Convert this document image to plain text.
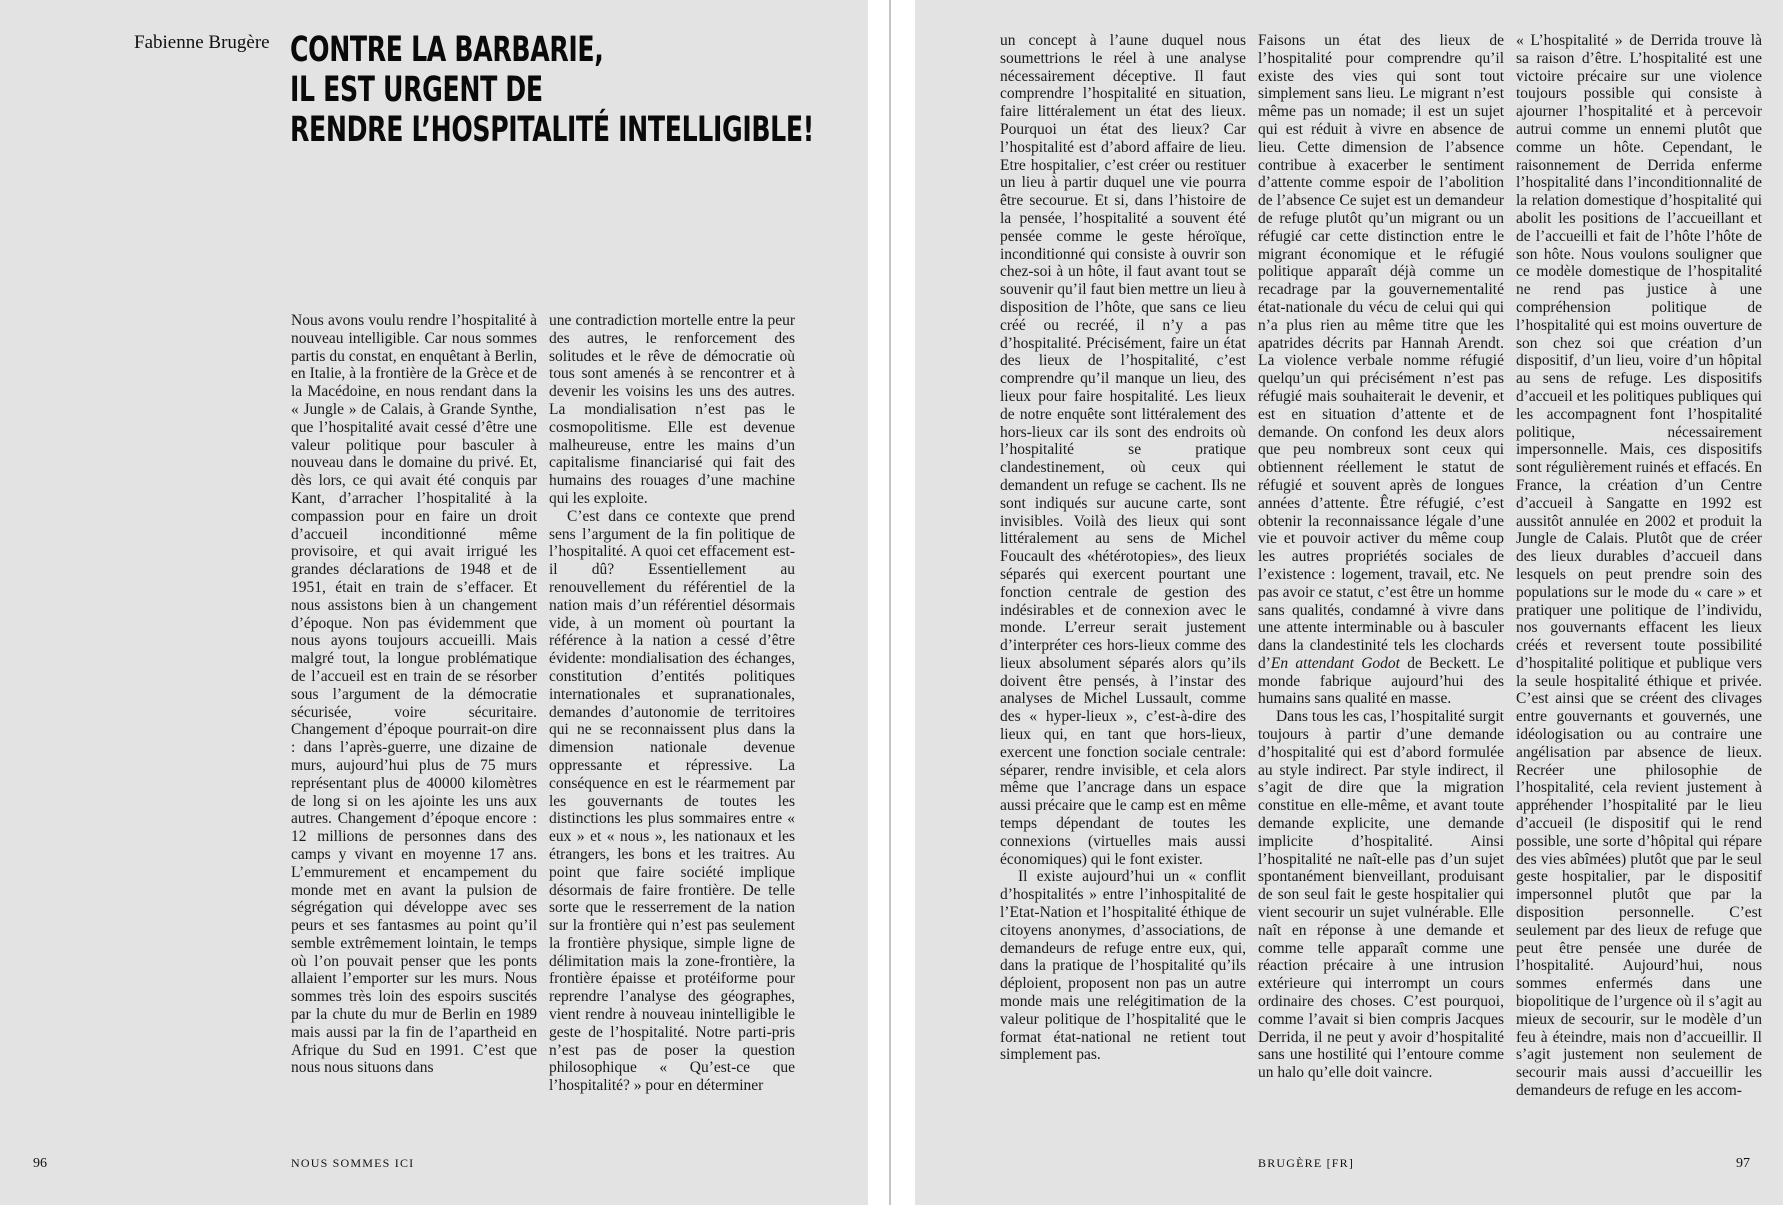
Fabienne Brugère CONTRE LA BARBARIE,
IL EST URGENT DE
RENDRE L’HOSPITALITÉ INTELLIGIBLE!

Nous avons voulu rendre l’hospitalité à nouveau intelligible. Car nous sommes partis du constat, en enquêtant à Berlin, en Italie, à la frontière de la Grèce et de la Macédoine, en nous rendant dans la « Jungle » de Calais, à Grande Synthe, que l’hospitalité avait cessé d’être une valeur politique pour basculer à nouveau dans le domaine du privé. Et, dès lors, ce qui avait été conquis par Kant, d’arracher l’hospitalité à la compassion pour en faire un droit d’accueil inconditionné même provisoire, et qui avait irrigué les grandes déclarations de 1948 et de 1951, était en train de s’effacer. Et nous assistons bien à un changement d’époque. Non pas évidemment que nous ayons toujours accueilli. Mais malgré tout, la longue problématique de l’accueil est en train de se résorber sous l’argument de la démocratie sécurisée, voire sécuritaire. Changement d’époque pourrait-on dire : dans l’après-guerre, une dizaine de murs, aujourd’hui plus de 75 murs représentant plus de 40000 kilomètres de long si on les ajointe les uns aux autres. Changement d’époque encore : 12 millions de personnes dans des camps y vivant en moyenne 17 ans. L’emmurement et encampement du monde met en avant la pulsion de ségrégation qui développe avec ses peurs et ses fantasmes au point qu’il semble extrêmement lointain, le temps où l’on pouvait penser que les ponts allaient l’emporter sur les murs. Nous sommes très loin des espoirs suscités par la chute du mur de Berlin en 1989 mais aussi par la fin de l’apartheid en Afrique du Sud en 1991. C’est que nous nous situons dans

une contradiction mortelle entre la peur des autres, le renforcement des solitudes et le rêve de démocratie où tous sont amenés à se rencontrer et à devenir les voisins les uns des autres. La mondialisation n’est pas le cosmopolitisme. Elle est devenue malheureuse, entre les mains d’un capitalisme financiarisé qui fait des humains des rouages d’une machine qui les exploite.

C’est dans ce contexte que prend sens l’argument de la fin politique de l’hospitalité. A quoi cet effacement est-il dû? Essentiellement au renouvellement du référentiel de la nation mais d’un référentiel désormais vide, à un moment où pourtant la référence à la nation a cessé d’être évidente: mondialisation des échanges, constitution d’entités politiques internationales et supranationales, demandes d’autonomie de territoires qui ne se reconnaissent plus dans la dimension nationale devenue oppressante et répressive. La conséquence en est le réarmement par les gouvernants de toutes les distinctions les plus sommaires entre « eux » et « nous », les nationaux et les étrangers, les bons et les traitres. Au point que faire société implique désormais de faire frontière. De telle sorte que le resserrement de la nation sur la frontière qui n’est pas seulement la frontière physique, simple ligne de délimitation mais la zone-frontière, la frontière épaisse et protéiforme pour reprendre l’analyse des géographes, vient rendre à nouveau inintelligible le geste de l’hospitalité. Notre parti-pris n’est pas de poser la question philosophique « Qu’est-ce que l’hospitalité? » pour en déterminer

96	NOUS SOMMES ICI

un concept à l’aune duquel nous soumettrions le réel à une analyse nécessairement déceptive. Il faut comprendre l’hospitalité en situation, faire littéralement un état des lieux. Pourquoi un état des lieux? Car l’hospitalité est d’abord affaire de lieu. Etre hospitalier, c’est créer ou restituer un lieu à partir duquel une vie pourra être secourue. Et si, dans l’histoire de la pensée, l’hospitalité a souvent été pensée comme le geste héroïque, inconditionné qui consiste à ouvrir son chez-soi à un hôte, il faut avant tout se souvenir qu’il faut bien mettre un lieu à disposition de l’hôte, que sans ce lieu créé ou recréé, il n’y a pas d’hospitalité. Précisément, faire un état des lieux de l’hospitalité, c’est comprendre qu’il manque un lieu, des lieux pour faire hospitalité. Les lieux de notre enquête sont littéralement des hors-lieux car ils sont des endroits où l’hospitalité se pratique clandestinement, où ceux qui demandent un refuge se cachent. Ils ne sont indiqués sur aucune carte, sont invisibles. Voilà des lieux qui sont littéralement au sens de Michel Foucault des «hétérotopies», des lieux séparés qui exercent pourtant une fonction centrale de gestion des indésirables et de connexion avec le monde. L’erreur serait justement d’interpréter ces hors-lieux comme des lieux absolument séparés alors qu’ils doivent être pensés, à l’instar des analyses de Michel Lussault, comme des « hyper-lieux », c’est-à-dire des lieux qui, en tant que hors-lieux, exercent une fonction sociale centrale: séparer, rendre invisible, et cela alors même que l’ancrage dans un espace aussi précaire que le camp est en même temps dépendant de toutes les connexions (virtuelles mais aussi économiques) qui le font exister.

Il existe aujourd’hui un « conflit d’hospitalités » entre l’inhospitalité de l’Etat-Nation et l’hospitalité éthique de citoyens anonymes, d’associations, de demandeurs de refuge entre eux, qui, dans la pratique de l’hospitalité qu’ils déploient, proposent non pas un autre monde mais une relégitimation de la valeur politique de l’hospitalité que le format état-national ne retient tout simplement pas.

Faisons un état des lieux de l’hospitalité pour comprendre qu’il existe des vies qui sont tout simplement sans lieu. Le migrant n’est même pas un nomade; il est un sujet qui est réduit à vivre en absence de lieu. Cette dimension de l’absence contribue à exacerber le sentiment d’attente comme espoir de l’abolition de l’absence Ce sujet est un demandeur de refuge plutôt qu’un migrant ou un réfugié car cette distinction entre le migrant économique et le réfugié politique apparaît déjà comme un recadrage par la gouvernementalité état-nationale du vécu de celui qui qui n’a plus rien au même titre que les apatrides décrits par Hannah Arendt. La violence verbale nomme réfugié quelqu’un qui précisément n’est pas réfugié mais souhaiterait le devenir, et est en situation d’attente et de demande. On confond les deux alors que peu nombreux sont ceux qui obtiennent réellement le statut de réfugié et souvent après de longues années d’attente. Être réfugié, c’est obtenir la reconnaissance légale d’une vie et pouvoir activer du même coup les autres propriétés sociales de l’existence : logement, travail, etc. Ne pas avoir ce statut, c’est être un homme sans qualités, condamné à vivre dans une attente interminable ou à basculer dans la clandestinité tels les clochards d’En attendant Godot de Beckett. Le monde fabrique aujourd’hui des humains sans qualité en masse.

Dans tous les cas, l’hospitalité surgit toujours à partir d’une demande d’hospitalité qui est d’abord formulée au style indirect. Par style indirect, il s’agit de dire que la migration constitue en elle-même, et avant toute demande explicite, une demande implicite d’hospitalité. Ainsi l’hospitalité ne naît-elle pas d’un sujet spontanément bienveillant, produisant de son seul fait le geste hospitalier qui vient secourir un sujet vulnérable. Elle naît en réponse à une demande et comme telle apparaît comme une réaction précaire à une intrusion extérieure qui interrompt un cours ordinaire des choses. C’est pourquoi, comme l’avait si bien compris Jacques Derrida, il ne peut y avoir d’hospitalité sans une hostilité qui l’entoure comme un halo qu’elle doit vaincre.

« L’hospitalité » de Derrida trouve là sa raison d’être. L’hospitalité est une victoire précaire sur une violence toujours possible qui consiste à ajourner l’hospitalité et à percevoir autrui comme un ennemi plutôt que comme un hôte. Cependant, le raisonnement de Derrida enferme l’hospitalité dans l’inconditionnalité de la relation domestique d’hospitalité qui abolit les positions de l’accueillant et de l’accueilli et fait de l’hôte l’hôte de son hôte. Nous voulons souligner que ce modèle domestique de l’hospitalité ne rend pas justice à une compréhension politique de l’hospitalité qui est moins ouverture de son chez soi que création d’un dispositif, d’un lieu, voire d’un hôpital au sens de refuge. Les dispositifs d’accueil et les politiques publiques qui les accompagnent font l’hospitalité politique, nécessairement impersonnelle. Mais, ces dispositifs sont régulièrement ruinés et effacés. En France, la création d’un Centre d’accueil à Sangatte en 1992 est aussitôt annulée en 2002 et produit la Jungle de Calais. Plutôt que de créer des lieux durables d’accueil dans lesquels on peut prendre soin des populations sur le mode du « care » et pratiquer une politique de l’individu, nos gouvernants effacent les lieux créés et reversent toute possibilité d’hospitalité politique et publique vers la seule hospitalité éthique et privée. C’est ainsi que se créent des clivages entre gouvernants et gouvernés, une idéologisation ou au contraire une angélisation par absence de lieux. Recréer une philosophie de l’hospitalité, cela revient justement à appréhender l’hospitalité par le lieu d’accueil (le dispositif qui le rend possible, une sorte d’hôpital qui répare des vies abîmées) plutôt que par le seul geste hospitalier, par le dispositif impersonnel plutôt que par la disposition personnelle. C’est seulement par des lieux de refuge que peut être pensée une durée de l’hospitalité. Aujourd’hui, nous sommes enfermés dans une biopolitique de l’urgence où il s’agit au mieux de secourir, sur le modèle d’un feu à éteindre, mais non d’accueillir. Il s’agit justement non seulement de secourir mais aussi d’accueillir les demandeurs de refuge en les accom-

BRUGÈRE [FR]	97
